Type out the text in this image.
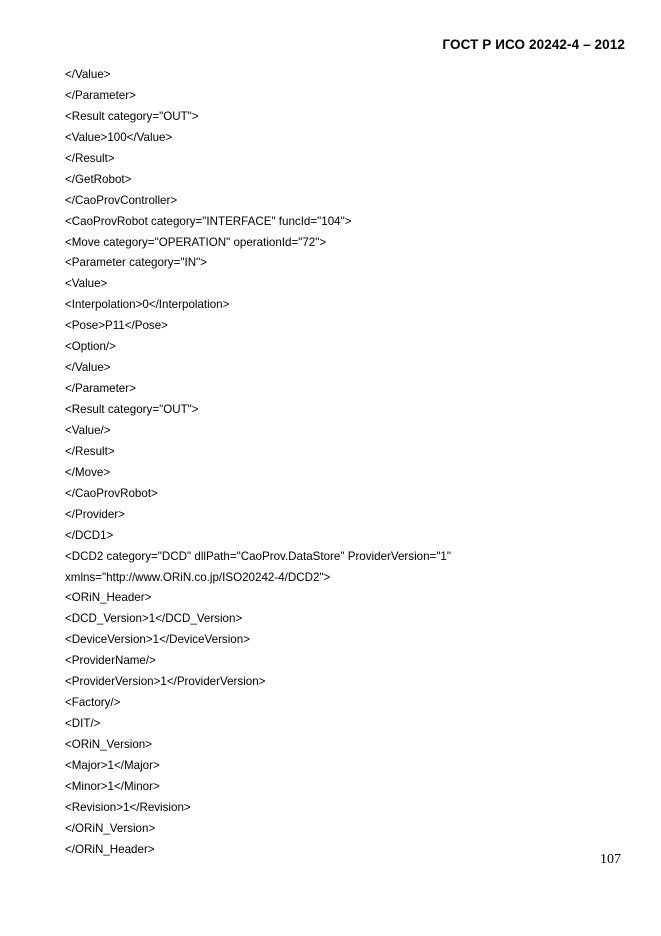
ГОСТ Р ИСО 20242-4 – 2012
</Value>
</Parameter>
<Result category="OUT">
<Value>100</Value>
</Result>
</GetRobot>
</CaoProvController>
<CaoProvRobot category="INTERFACE" funcId="104">
<Move category="OPERATION" operationId="72">
<Parameter category="IN">
<Value>
<Interpolation>0</Interpolation>
<Pose>P11</Pose>
<Option/>
</Value>
</Parameter>
<Result category="OUT">
<Value/>
</Result>
</Move>
</CaoProvRobot>
</Provider>
</DCD1>
<DCD2 category="DCD" dllPath="CaoProv.DataStore" ProviderVersion="1"
xmlns="http://www.ORiN.co.jp/ISO20242-4/DCD2">
<ORiN_Header>
<DCD_Version>1</DCD_Version>
<DeviceVersion>1</DeviceVersion>
<ProviderName/>
<ProviderVersion>1</ProviderVersion>
<Factory/>
<DIT/>
<ORiN_Version>
<Major>1</Major>
<Minor>1</Minor>
<Revision>1</Revision>
</ORiN_Version>
</ORiN_Header>
107
